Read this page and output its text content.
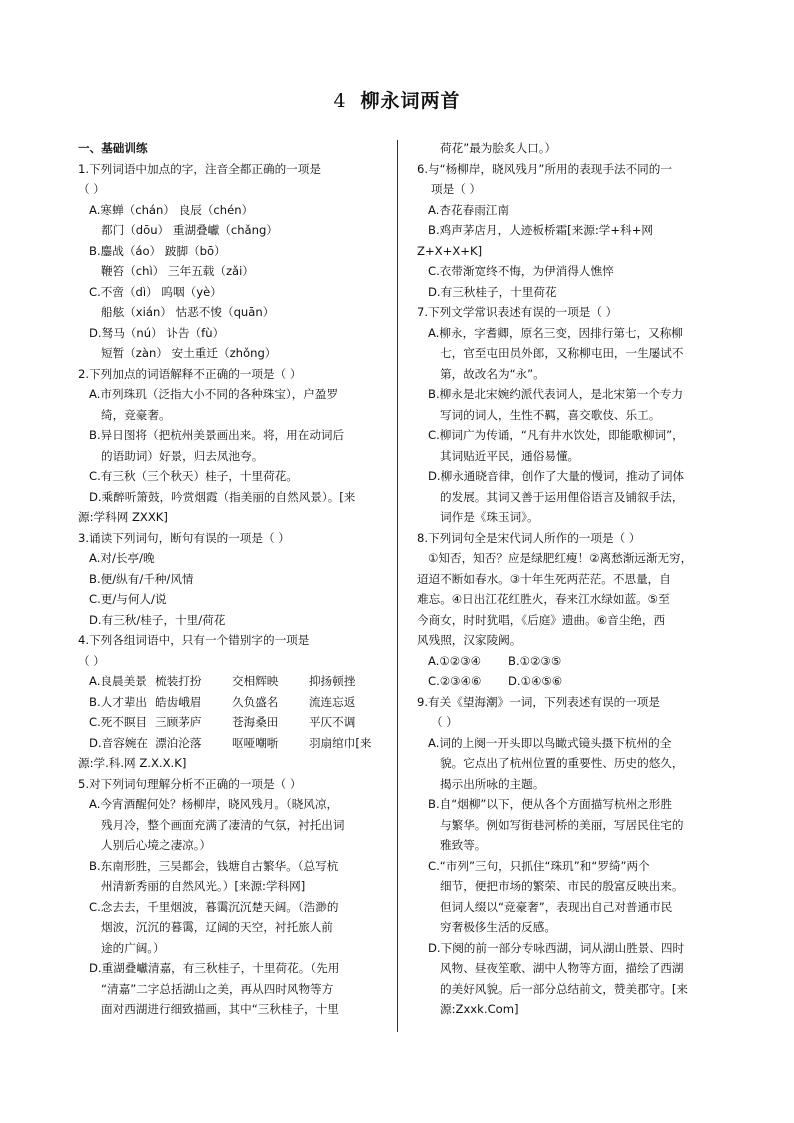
4 柳永词两首
一、基础训练
1.下列词语中加点的字，注音全都正确的一项是
（ ）
A.寒蝉（chán） 良辰（chén）
都门（dōu） 重湖叠巘（chǎng）
B.鏖战（áo） 跛脚（bō）
鞭笞（chì） 三年五载（zǎi）
C.不啻（dì） 呜咽（yè）
船舷（xián） 怙恶不悛（quān）
D.驽马（nú） 讣告（fù）
短暂（zàn） 安土重迁（zhǒng）
2.下列加点的词语解释不正确的一项是（ ）
A.市列珠玑（泛指大小不同的各种珠宝），户盈罗
绮，竞豪奢。
B.异日图将（把杭州美景画出来。将，用在动词后
的语助词）好景，归去凤池夸。
C.有三秋（三个秋天）桂子，十里荷花。
D.乘醉听箫鼓，吟赏烟霞（指美丽的自然风景）。[来
源:学科网 ZXXK]
3.诵读下列词句，断句有误的一项是（ ）
A.对/长亭/晚
B.便/纵有/千种/风情
C.更/与何人/说
D.有三秋/桂子，十里/荷花
4.下列各组词语中，只有一个错别字的一项是
（ ）
A.良晨美景 梳装打扮	交相辉映	抑扬顿挫
B.人才辈出 皓齿峨眉	久负盛名	流连忘返
C.死不瞑目 三顾茅庐	苍海桑田	平仄不调
D.音容婉在 漂泊沦落	呕哑嘲哳	羽扇绾巾[来
源:学.科.网 Z.X.X.K]
5.对下列词句理解分析不正确的一项是（ ）
A.今宵酒醒何处？杨柳岸，晓风残月。（晓风凉，
残月冷，整个画面充满了凄清的气氛，衬托出词
人别后心境之凄凉。）
B.东南形胜，三吴都会，钱塘自古繁华。（总写杭
州清新秀丽的自然风光。）[来源:学科网]
C.念去去，千里烟波，暮霭沉沉楚天阔。（浩渺的
烟波，沉沉的暮霭，辽阔的天空，衬托旅人前
途的广阔。）
D.重湖叠巘清嘉，有三秋桂子，十里荷花。（先用
“清嘉”二字总括湖山之美，再从四时风物等方
面对西湖进行细致描画，其中“三秋桂子，十里
荷花”最为脍炙人口。）
6.与“杨柳岸，晓风残月”所用的表现手法不同的一
项是（ ）
A.杏花春雨江南
B.鸡声茅店月，人迹板桥霜[来源:学+科+网
Z+X+X+K]
C.衣带渐宽终不悔，为伊消得人憔悴
D.有三秋桂子，十里荷花
7.下列文学常识表述有误的一项是（ ）
A.柳永，字耆卿，原名三变，因排行第七，又称柳
七，官至屯田员外郎，又称柳屯田，一生屡试不
第，故改名为“永”。
B.柳永是北宋婉约派代表词人，是北宋第一个专力
写词的词人，生性不羁，喜交歌伎、乐工。
C.柳词广为传诵，“凡有井水饮处，即能歌柳词”，
其词贴近平民，通俗易懂。
D.柳永通晓音律，创作了大量的慢词，推动了词体
的发展。其词又善于运用俚俗语言及铺叙手法，
词作是《珠玉词》。
8.下列词句全是宋代词人所作的一项是（ ）
①知否，知否？应是绿肥红瘦！②离愁渐远渐无穷，
迢迢不断如春水。③十年生死两茫茫。不思量，自
难忘。④日出江花红胜火，春来江水绿如蓝。⑤至
今商女，时时犹唱，《后庭》遗曲。⑥音尘绝，西
风残照，汉家陵阙。
A.①②③④	B.①②③⑤
C.②③④⑥	D.①④⑤⑥
9.有关《望海潮》一词，下列表述有误的一项是
（ ）
A.词的上阕一开头即以鸟瞰式镜头摄下杭州的全
貌。它点出了杭州位置的重要性、历史的悠久，
揭示出所咏的主题。
B.自“烟柳”以下，便从各个方面描写杭州之形胜
与繁华。例如写街巷河桥的美丽，写居民住宅的
雅致等。
C.“市列”三句，只抓住“珠玑”和“罗绮”两个
细节，便把市场的繁荣、市民的殷富反映出来。
但词人缀以“竞豪奢”，表现出自己对普通市民
穷奢极侈生活的反感。
D.下阕的前一部分专咏西湖，词从湖山胜景、四时
风物、昼夜笙歌、湖中人物等方面，描绘了西湖
的美好风貌。后一部分总结前文，赞美郡守。[来
源:Zxxk.Com]
